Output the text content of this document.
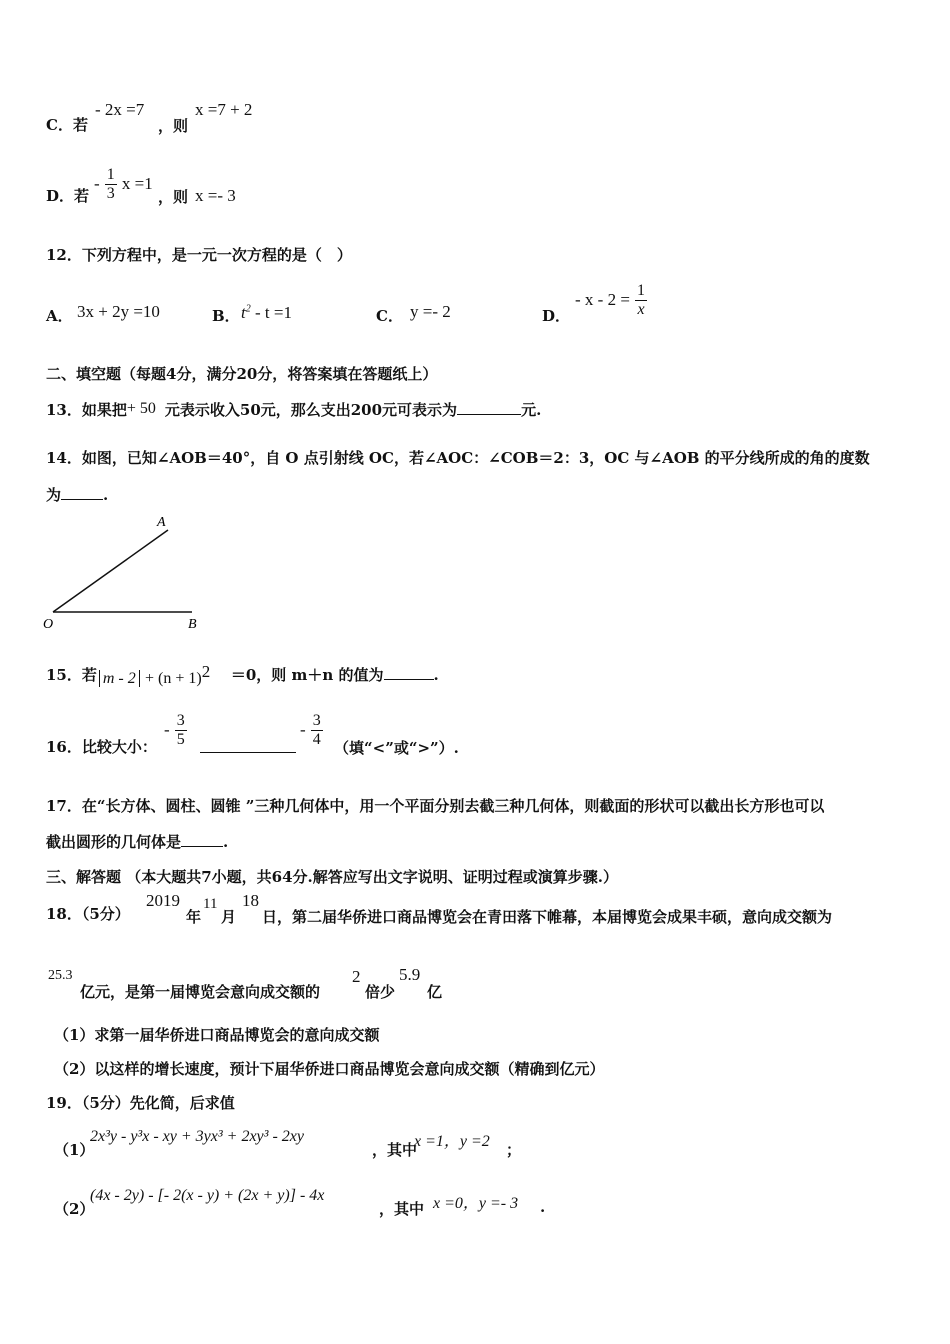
C．若
- 2x =7
，则
x =7 + 2
D．若
- $\frac{1}{3}$ x =1
，则 x =- 3
12．下列方程中，是一元一次方程的是（　）
A． 3x + 2y =10	B． $t^2 - t =1$	C． y =- 2	D．
- $x - 2 = \frac{1}{x}$
二、填空题（每题4分，满分20分，将答案填在答题纸上）
13．如果把 + 50 元表示收入50元，那么支出200元可表示为	元.
14．如图，已知∠AOB＝40°，自 O 点引射线 OC，若∠AOC：∠COB＝2：3，OC 与∠AOB 的平分线所成的角的度数
为	.
A
O	B
15．若 $m - 2 + (n + 1)^2 =0$，则 m＋n 的值为	.
16．比较大小：
- $\frac{3}{5}$	- $\frac{3}{4}$ （填“<”或“>”）.
17．在“长方体、圆柱、圆锥 ”三种几何体中，用一个平面分别去截三种几何体，则截面的形状可以截出长方形也可以
截出圆形的几何体是	.
三、解答题 （本大题共7小题，共64分.解答应写出文字说明、证明过程或演算步骤.）
18．（5分）
2019
年
11
月
18
日，第二届华侨进口商品博览会在青田落下帷幕，本届博览会成果丰硕，意向成交额为
25.3
亿元，是第一届博览会意向成交额的
2
倍少
5.9
亿
（1）求第一届华侨进口商品博览会的意向成交额
（2）以这样的增长速度，预计下届华侨进口商品博览会意向成交额（精确到亿元）
19．（5分）先化简，后求值
（1）
2x³y - y³x - xy + 3yx³ + 2xy³ - 2xy
，其中
x =1，y =2 ；
（2）
(4x - 2y) - [- 2(x - y) + (2x + y)] - 4x
，其中 x =0，y =- 3 .
